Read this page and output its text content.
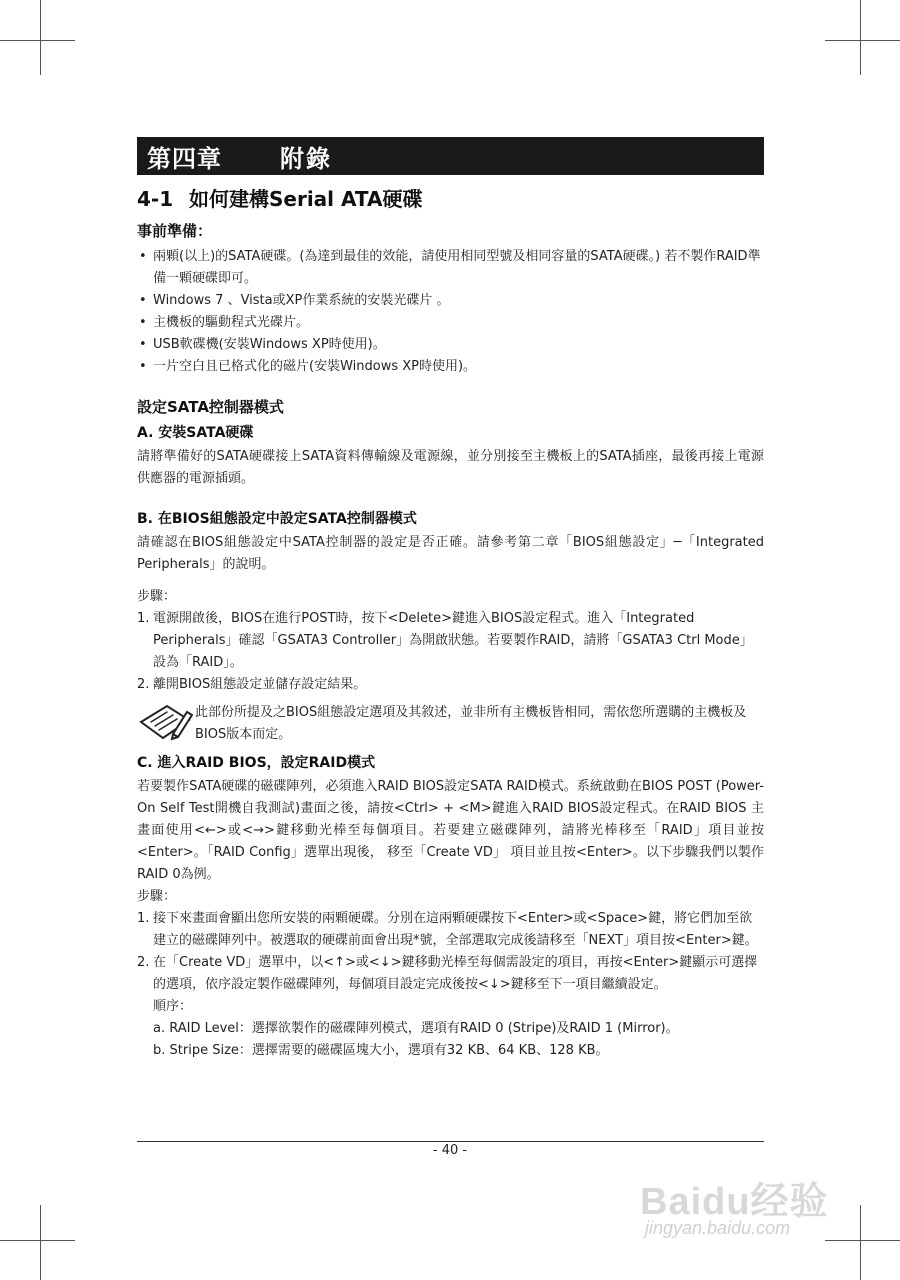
第四章 附錄
4-1 如何建構Serial ATA硬碟
事前準備：
• 兩顆(以上)的SATA硬碟。(為達到最佳的效能，請使用相同型號及相同容量的SATA硬碟。) 若不製作RAID準備一顆硬碟即可。
• Windows 7 、Vista或XP作業系統的安裝光碟片 。
• 主機板的驅動程式光碟片。
• USB軟碟機(安裝Windows XP時使用)。
• 一片空白且已格式化的磁片(安裝Windows XP時使用)。
設定SATA控制器模式
A. 安裝SATA硬碟
請將準備好的SATA硬碟接上SATA資料傳輸線及電源線，並分別接至主機板上的SATA插座，最後再接上電源供應器的電源插頭。
B. 在BIOS組態設定中設定SATA控制器模式
請確認在BIOS組態設定中SATA控制器的設定是否正確。請參考第二章「BIOS組態設定」─「Integrated Peripherals」的說明。
步驟：
1. 電源開啟後，BIOS在進行POST時，按下<Delete>鍵進入BIOS設定程式。進入「Integrated Peripherals」確認「GSATA3 Controller」為開啟狀態。若要製作RAID，請將「GSATA3 Ctrl Mode」設為「RAID」。
2. 離開BIOS組態設定並儲存設定結果。
此部份所提及之BIOS組態設定選項及其敘述，並非所有主機板皆相同，需依您所選購的主機板及BIOS版本而定。
C. 進入RAID BIOS，設定RAID模式
若要製作SATA硬碟的磁碟陣列，必須進入RAID BIOS設定SATA RAID模式。系統啟動在BIOS POST (Power-On Self Test開機自我測試)畫面之後，請按<Ctrl> + <M>鍵進入RAID BIOS設定程式。在RAID BIOS 主畫面使用<←>或<→>鍵移動光棒至每個項目。若要建立磁碟陣列，請將光棒移至「RAID」項目並按<Enter>。「RAID Config」選單出現後， 移至「Create VD」 項目並且按<Enter>。以下步驟我們以製作RAID 0為例。
步驟：
1. 接下來畫面會顯出您所安裝的兩顆硬碟。分別在這兩顆硬碟按下<Enter>或<Space>鍵，將它們加至欲建立的磁碟陣列中。被選取的硬碟前面會出現*號，全部選取完成後請移至「NEXT」項目按<Enter>鍵。
2. 在「Create VD」選單中，以<↑>或<↓>鍵移動光棒至每個需設定的項目，再按<Enter>鍵顯示可選擇的選項，依序設定製作磁碟陣列，每個項目設定完成後按<↓>鍵移至下一項目繼續設定。
順序：
a. RAID Level：選擇欲製作的磁碟陣列模式，選項有RAID 0 (Stripe)及RAID 1 (Mirror)。
b. Stripe Size：選擇需要的磁碟區塊大小，選項有32 KB、64 KB、128 KB。
- 40 -
Baidu经验
jingyan.baidu.com
